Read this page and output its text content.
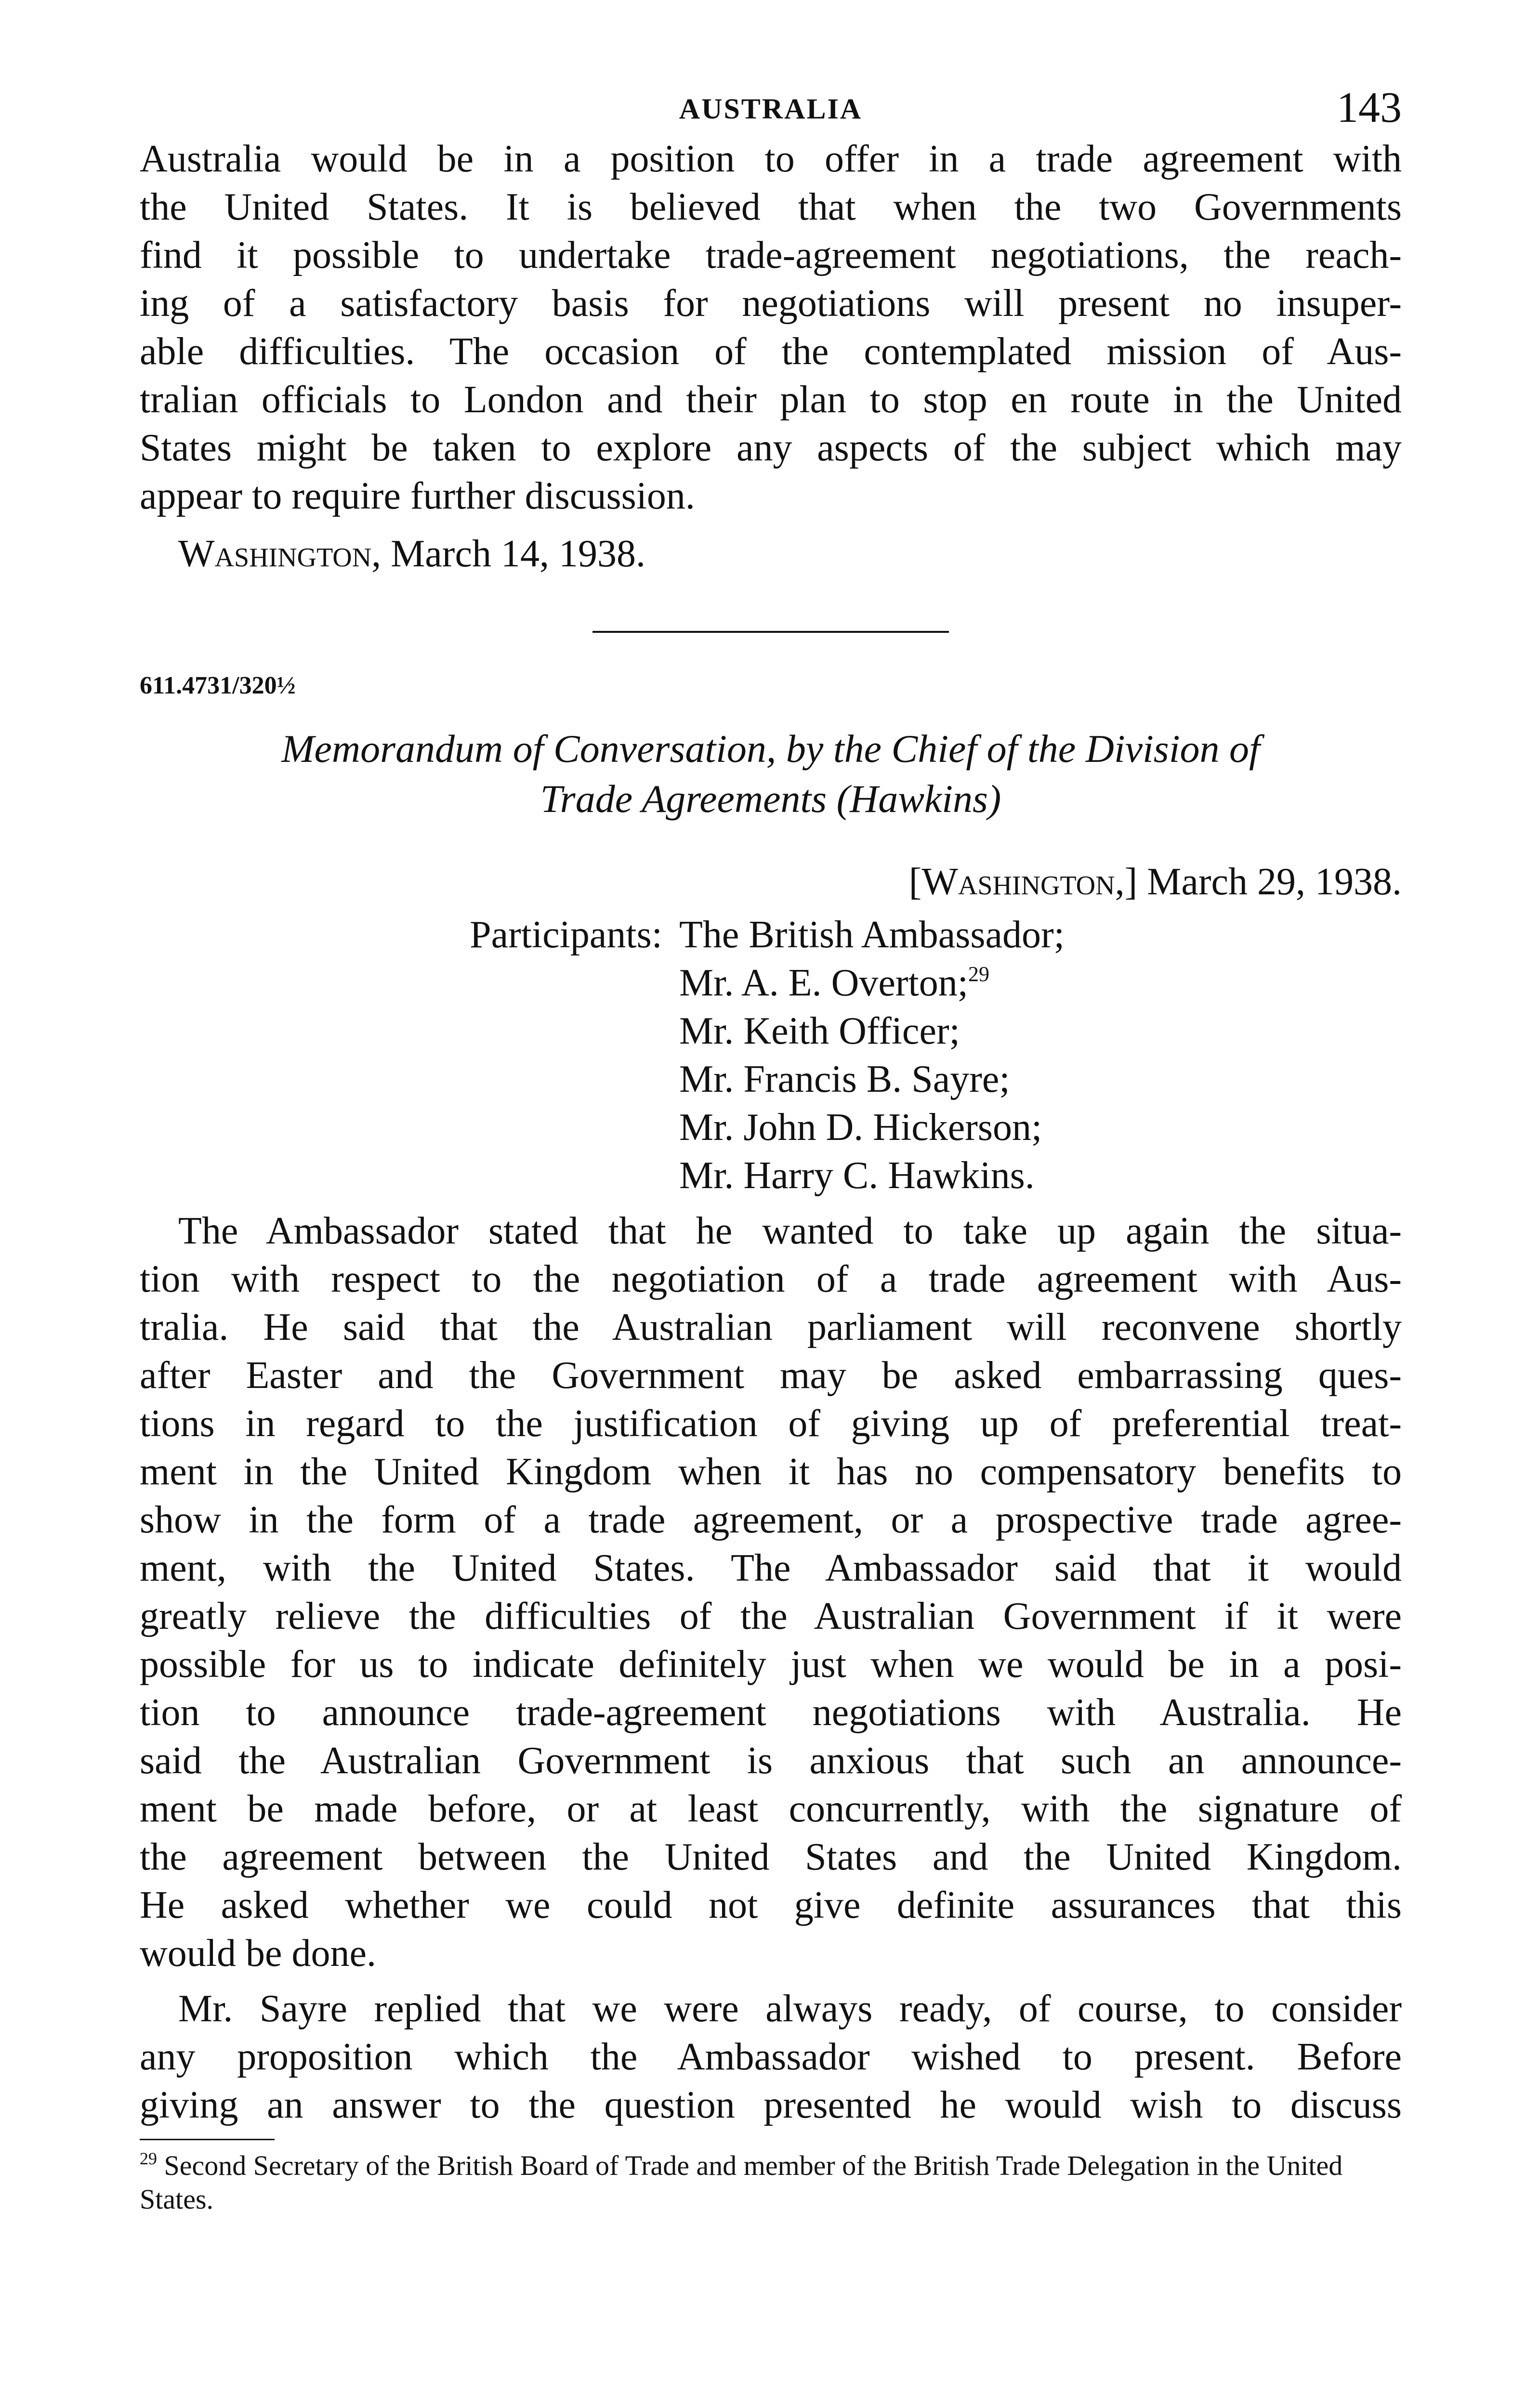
AUSTRALIA	143
Australia would be in a position to offer in a trade agreement with
the United States. It is believed that when the two Governments
find it possible to undertake trade-agreement negotiations, the reach-
ing of a satisfactory basis for negotiations will present no insuper-
able difficulties. The occasion of the contemplated mission of Aus-
tralian officials to London and their plan to stop en route in the United
States might be taken to explore any aspects of the subject which may
appear to require further discussion.
Washington, March 14, 1938.
611.4731/320½
Memorandum of Conversation, by the Chief of the Division of
Trade Agreements (Hawkins)
[Washington,] March 29, 1938.
Participants: The British Ambassador;
Mr. A. E. Overton;$^{29}$
Mr. Keith Officer;
Mr. Francis B. Sayre;
Mr. John D. Hickerson;
Mr. Harry C. Hawkins.
The Ambassador stated that he wanted to take up again the situa-
tion with respect to the negotiation of a trade agreement with Aus-
tralia. He said that the Australian parliament will reconvene shortly
after Easter and the Government may be asked embarrassing ques-
tions in regard to the justification of giving up of preferential treat-
ment in the United Kingdom when it has no compensatory benefits to
show in the form of a trade agreement, or a prospective trade agree-
ment, with the United States. The Ambassador said that it would
greatly relieve the difficulties of the Australian Government if it were
possible for us to indicate definitely just when we would be in a posi-
tion to announce trade-agreement negotiations with Australia. He
said the Australian Government is anxious that such an announce-
ment be made before, or at least concurrently, with the signature of
the agreement between the United States and the United Kingdom.
He asked whether we could not give definite assurances that this
would be done.
Mr. Sayre replied that we were always ready, of course, to consider
any proposition which the Ambassador wished to present. Before
giving an answer to the question presented he would wish to discuss
$^{29}$ Second Secretary of the British Board of Trade and member of the British Trade Delegation in the United States.
